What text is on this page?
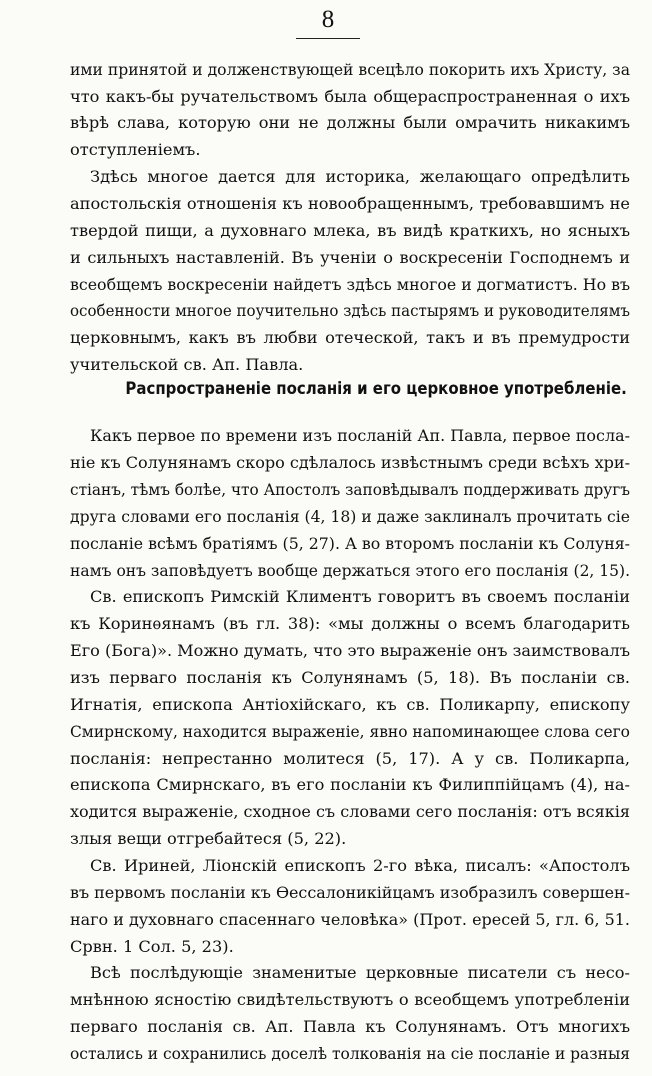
8
ими принятой и долженствующей всецѣло покорить ихъ Христу, за
что какъ-бы ручательствомъ была общераспространенная о ихъ
вѣрѣ слава, которую они не должны были омрачить никакимъ
отступленіемъ.
Здѣсь многое дается для историка, желающаго опредѣлить
апостольскія отношенія къ новообращеннымъ, требовавшимъ не
твердой пищи, а духовнаго млека, въ видѣ краткихъ, но ясныхъ
и сильныхъ наставленій. Въ ученіи о воскресеніи Господнемъ и
всеобщемъ воскресеніи найдетъ здѣсь многое и догматистъ. Но въ
особенности многое поучительно здѣсь пастырямъ и руководителямъ
церковнымъ, какъ въ любви отеческой, такъ и въ премудрости
учительской св. Ап. Павла.
Распространеніе посланія и его церковное употребленіе.
Какъ первое по времени изъ посланій Ап. Павла, первое посла-
ніе къ Солунянамъ скоро сдѣлалось извѣстнымъ среди всѣхъ хри-
стіанъ, тѣмъ болѣе, что Апостолъ заповѣдывалъ поддерживать другъ
друга словами его посланія (4, 18) и даже заклиналъ прочитать сіе
посланіе всѣмъ братіямъ (5, 27). А во второмъ посланіи къ Солуня-
намъ онъ заповѣдуетъ вообще держаться этого его посланія (2, 15).
Св. епископъ Римскій Климентъ говоритъ въ своемъ посланіи
къ Коринѳянамъ (въ гл. 38): «мы должны о всемъ благодарить
Его (Бога)». Можно думать, что это выраженіе онъ заимствовалъ
изъ перваго посланія къ Солунянамъ (5, 18). Въ посланіи св.
Игнатія, епископа Антіохійскаго, къ св. Поликарпу, епископу
Смирнскому, находится выраженіе, явно напоминающее слова сего
посланія: непрестанно молитеся (5, 17). А у св. Поликарпа,
епископа Смирнскаго, въ его посланіи къ Филиппійцамъ (4), на-
ходится выраженіе, сходное съ словами сего посланія: отъ всякія
злыя вещи отгребайтеся (5, 22).
Св. Ириней, Ліонскій епископъ 2-го вѣка, писалъ: «Апостолъ
въ первомъ посланіи къ Ѳессалоникійцамъ изобразилъ совершен-
наго и духовнаго спасеннаго человѣка» (Прот. ересей 5, гл. 6, 51.
Срвн. 1 Сол. 5, 23).
Всѣ послѣдующіе знаменитые церковные писатели съ несо-
мнѣнною ясностію свидѣтельствуютъ о всеобщемъ употребленіи
перваго посланія св. Ап. Павла къ Солунянамъ. Отъ многихъ
остались и сохранились доселѣ толкованія на сіе посланіе и разныя
